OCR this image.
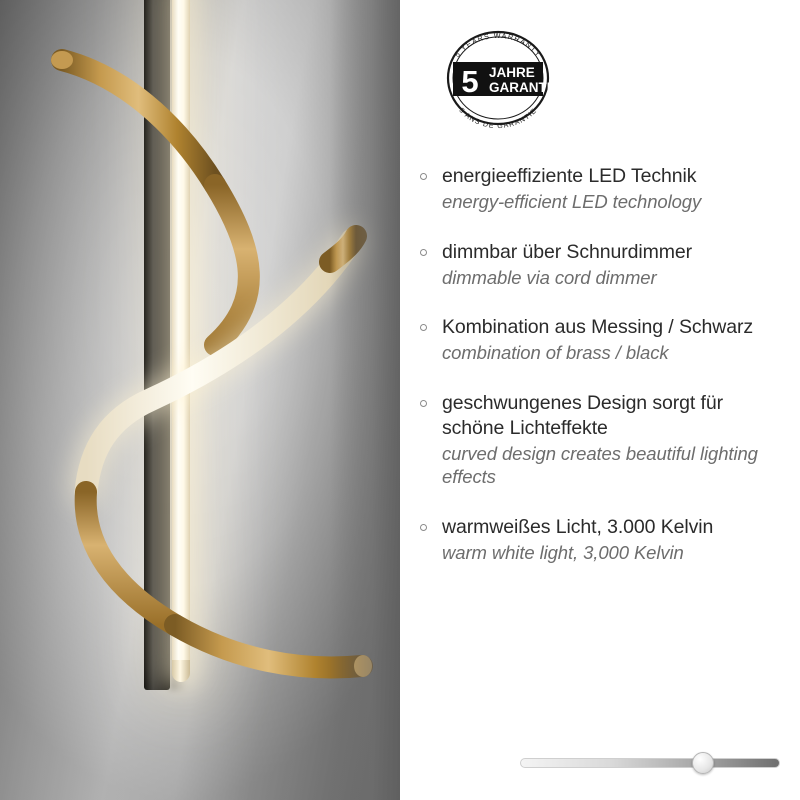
5 YEARS WARRANTY
5 ANS DE GARANTIE
5 JAHRE
GARANTIE
energieeffiziente LED Technik
energy-efficient LED technology
dimmbar über Schnurdimmer
dimmable via cord dimmer
Kombination aus Messing / Schwarz
combination of brass / black
geschwungenes Design sorgt für schöne Lichteffekte
curved design creates beautiful lighting effects
warmweißes Licht, 3.000 Kelvin
warm white light, 3,000 Kelvin
